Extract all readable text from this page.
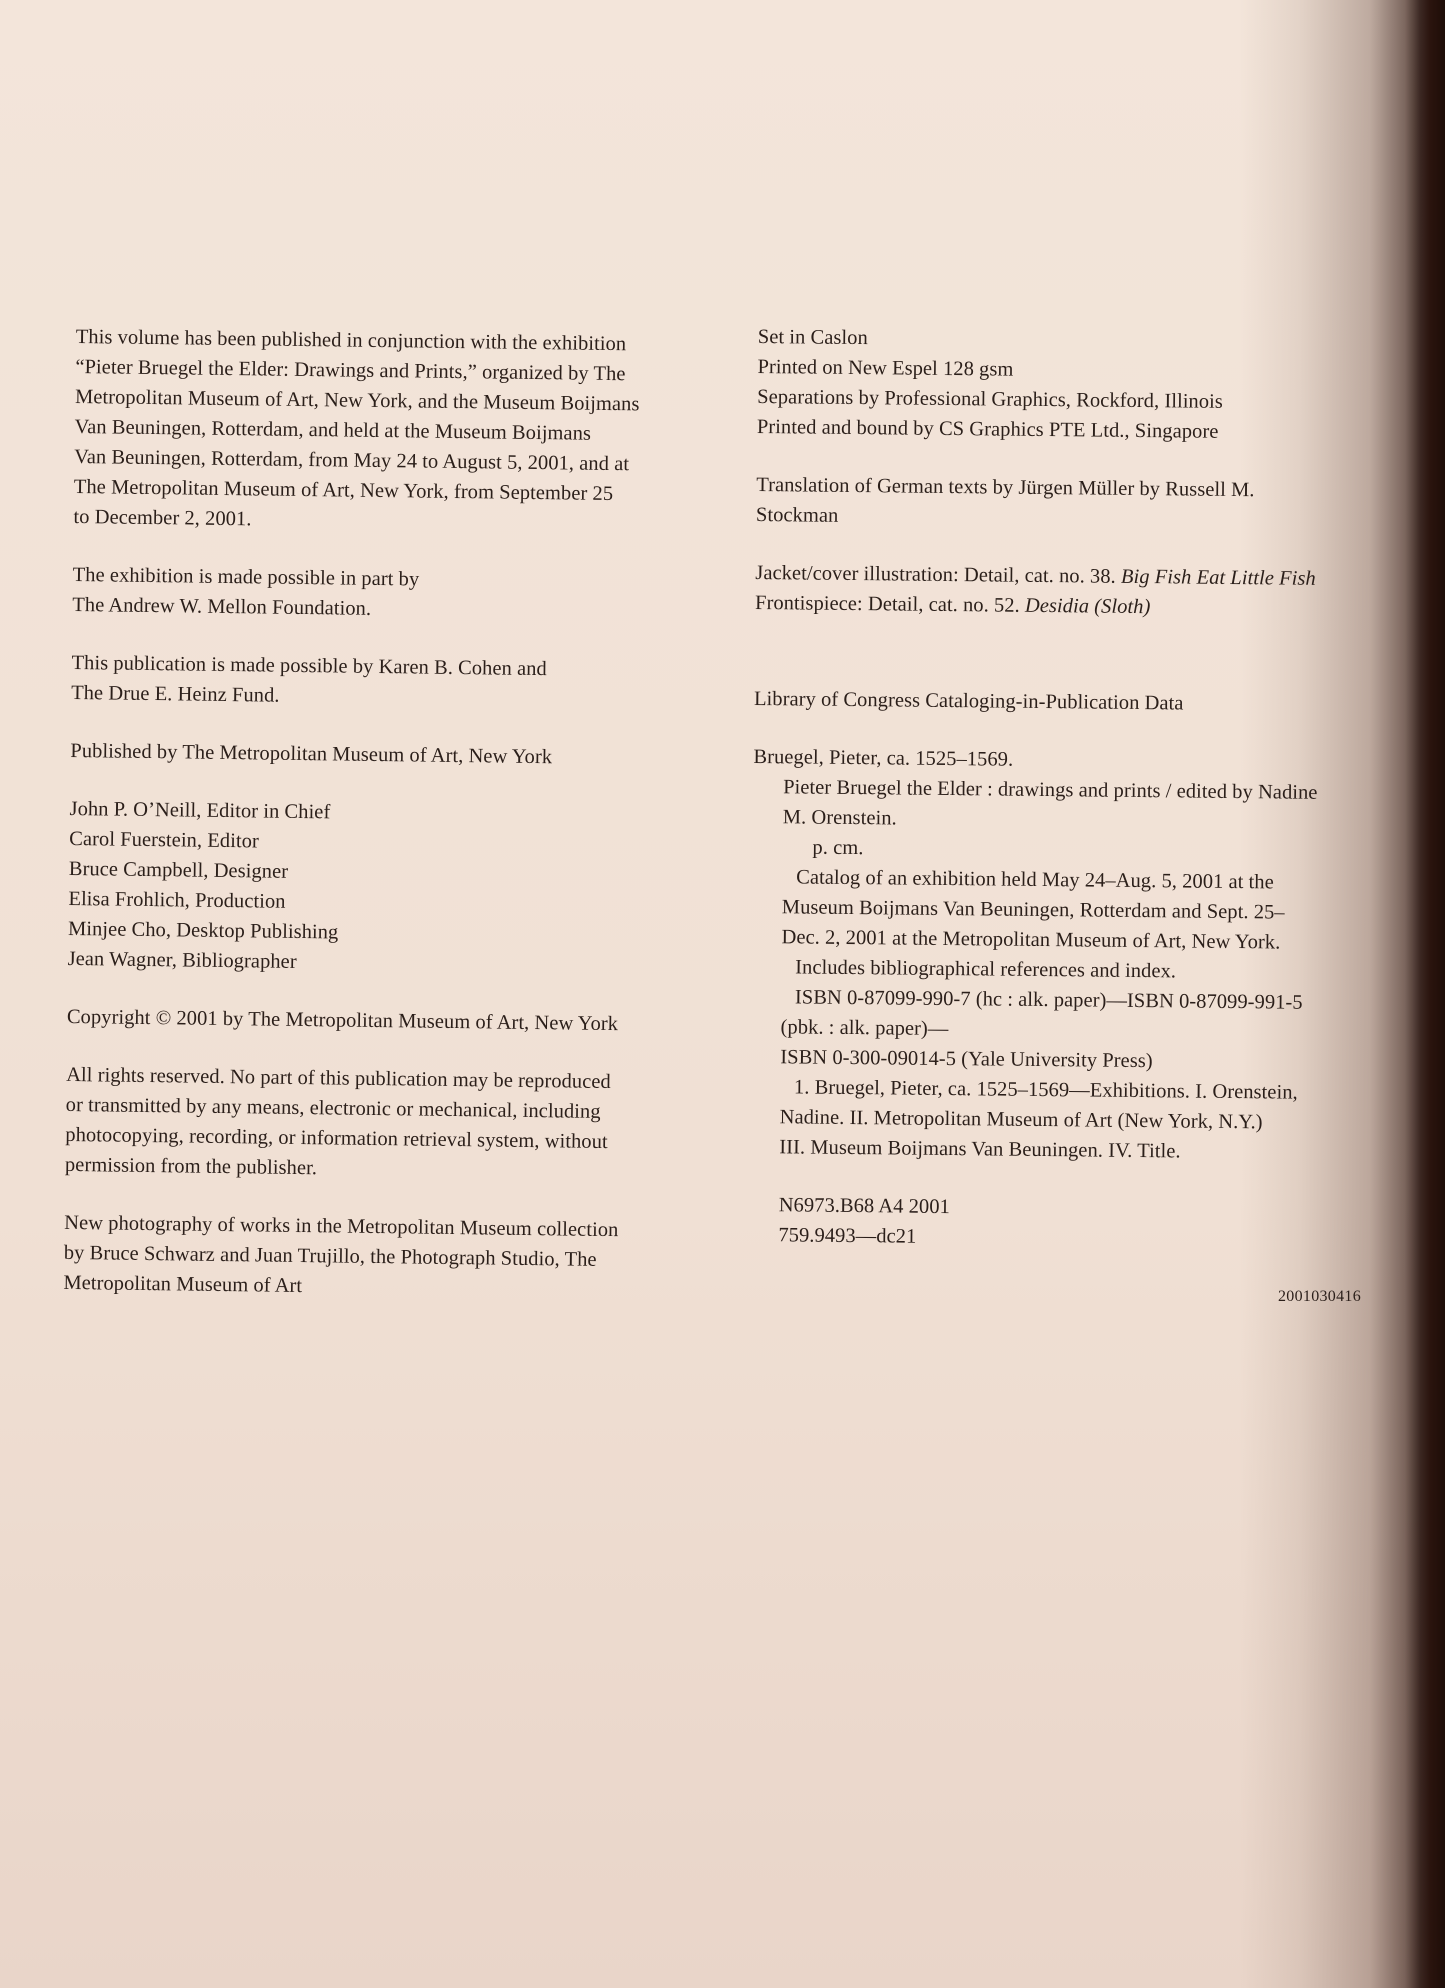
This volume has been published in conjunction with the exhibition
“Pieter Bruegel the Elder: Drawings and Prints,” organized by The
Metropolitan Museum of Art, New York, and the Museum Boijmans
Van Beuningen, Rotterdam, and held at the Museum Boijmans
Van Beuningen, Rotterdam, from May 24 to August 5, 2001, and at
The Metropolitan Museum of Art, New York, from September 25
to December 2, 2001.
The exhibition is made possible in part by
The Andrew W. Mellon Foundation.
This publication is made possible by Karen B. Cohen and
The Drue E. Heinz Fund.
Published by The Metropolitan Museum of Art, New York
John P. O’Neill, Editor in Chief
Carol Fuerstein, Editor
Bruce Campbell, Designer
Elisa Frohlich, Production
Minjee Cho, Desktop Publishing
Jean Wagner, Bibliographer
Copyright © 2001 by The Metropolitan Museum of Art, New York
All rights reserved. No part of this publication may be reproduced
or transmitted by any means, electronic or mechanical, including
photocopying, recording, or information retrieval system, without
permission from the publisher.
New photography of works in the Metropolitan Museum collection
by Bruce Schwarz and Juan Trujillo, the Photograph Studio, The
Metropolitan Museum of Art
Set in Caslon
Printed on New Espel 128 gsm
Separations by Professional Graphics, Rockford, Illinois
Printed and bound by CS Graphics PTE Ltd., Singapore
Translation of German texts by Jürgen Müller by Russell M.
Stockman
Jacket/cover illustration: Detail, cat. no. 38. Big Fish Eat Little Fish
Frontispiece: Detail, cat. no. 52. Desidia (Sloth)
Library of Congress Cataloging-in-Publication Data
Bruegel, Pieter, ca. 1525–1569.
Pieter Bruegel the Elder : drawings and prints / edited by Nadine
M. Orenstein.
p. cm.
Catalog of an exhibition held May 24–Aug. 5, 2001 at the
Museum Boijmans Van Beuningen, Rotterdam and Sept. 25–
Dec. 2, 2001 at the Metropolitan Museum of Art, New York.
Includes bibliographical references and index.
ISBN 0-87099-990-7 (hc : alk. paper)—ISBN 0-87099-991-5
(pbk. : alk. paper)—
ISBN 0-300-09014-5 (Yale University Press)
1. Bruegel, Pieter, ca. 1525–1569—Exhibitions. I. Orenstein,
Nadine. II. Metropolitan Museum of Art (New York, N.Y.)
III. Museum Boijmans Van Beuningen. IV. Title.
N6973.B68 A4 2001
759.9493—dc21
2001030416
